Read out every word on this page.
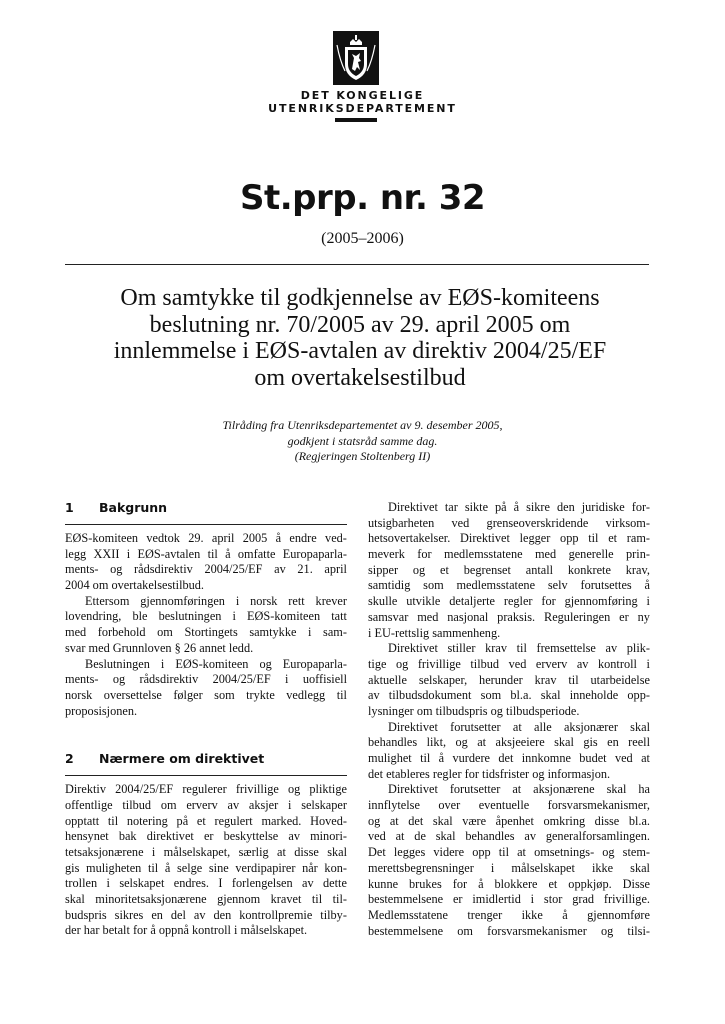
DET KONGELIGE
UTENRIKSDEPARTEMENT
St.prp. nr. 32
(2005–2006)
Om samtykke til godkjennelse av EØS-komiteens
beslutning nr. 70/2005 av 29. april 2005 om
innlemmelse i EØS-avtalen av direktiv 2004/25/EF
om overtakelsestilbud
Tilråding fra Utenriksdepartementet av 9. desember 2005,
godkjent i statsråd samme dag.
(Regjeringen Stoltenberg II)
1 Bakgrunn
EØS-komiteen vedtok 29. april 2005 å endre ved-
legg XXII i EØS-avtalen til å omfatte Europaparla-
ments- og rådsdirektiv 2004/25/EF av 21. april
2004 om overtakelsestilbud.
Ettersom gjennomføringen i norsk rett krever
lovendring, ble beslutningen i EØS-komiteen tatt
med forbehold om Stortingets samtykke i sam-
svar med Grunnloven § 26 annet ledd.
Beslutningen i EØS-komiteen og Europaparla-
ments- og rådsdirektiv 2004/25/EF i uoffisiell
norsk oversettelse følger som trykte vedlegg til
proposisjonen.
2 Nærmere om direktivet
Direktiv 2004/25/EF regulerer frivillige og pliktige
offentlige tilbud om erverv av aksjer i selskaper
opptatt til notering på et regulert marked. Hoved-
hensynet bak direktivet er beskyttelse av minori-
tetsaksjonærene i målselskapet, særlig at disse skal
gis muligheten til å selge sine verdipapirer når kon-
trollen i selskapet endres. I forlengelsen av dette
skal minoritetsaksjonærene gjennom kravet til til-
budspris sikres en del av den kontrollpremie tilby-
der har betalt for å oppnå kontroll i målselskapet.
Direktivet tar sikte på å sikre den juridiske for-
utsigbarheten ved grenseoverskridende virksom-
hetsovertakelser. Direktivet legger opp til et ram-
meverk for medlemsstatene med generelle prin-
sipper og et begrenset antall konkrete krav,
samtidig som medlemsstatene selv forutsettes å
skulle utvikle detaljerte regler for gjennomføring i
samsvar med nasjonal praksis. Reguleringen er ny
i EU-rettslig sammenheng.
Direktivet stiller krav til fremsettelse av plik-
tige og frivillige tilbud ved erverv av kontroll i
aktuelle selskaper, herunder krav til utarbeidelse
av tilbudsdokument som bl.a. skal inneholde opp-
lysninger om tilbudspris og tilbudsperiode.
Direktivet forutsetter at alle aksjonærer skal
behandles likt, og at aksjeeiere skal gis en reell
mulighet til å vurdere det innkomne budet ved at
det etableres regler for tidsfrister og informasjon.
Direktivet forutsetter at aksjonærene skal ha
innflytelse over eventuelle forsvarsmekanismer,
og at det skal være åpenhet omkring disse bl.a.
ved at de skal behandles av generalforsamlingen.
Det legges videre opp til at omsetnings- og stem-
merettsbegrensninger i målselskapet ikke skal
kunne brukes for å blokkere et oppkjøp. Disse
bestemmelsene er imidlertid i stor grad frivillige.
Medlemsstatene trenger ikke å gjennomføre
bestemmelsene om forsvarsmekanismer og tilsi-
